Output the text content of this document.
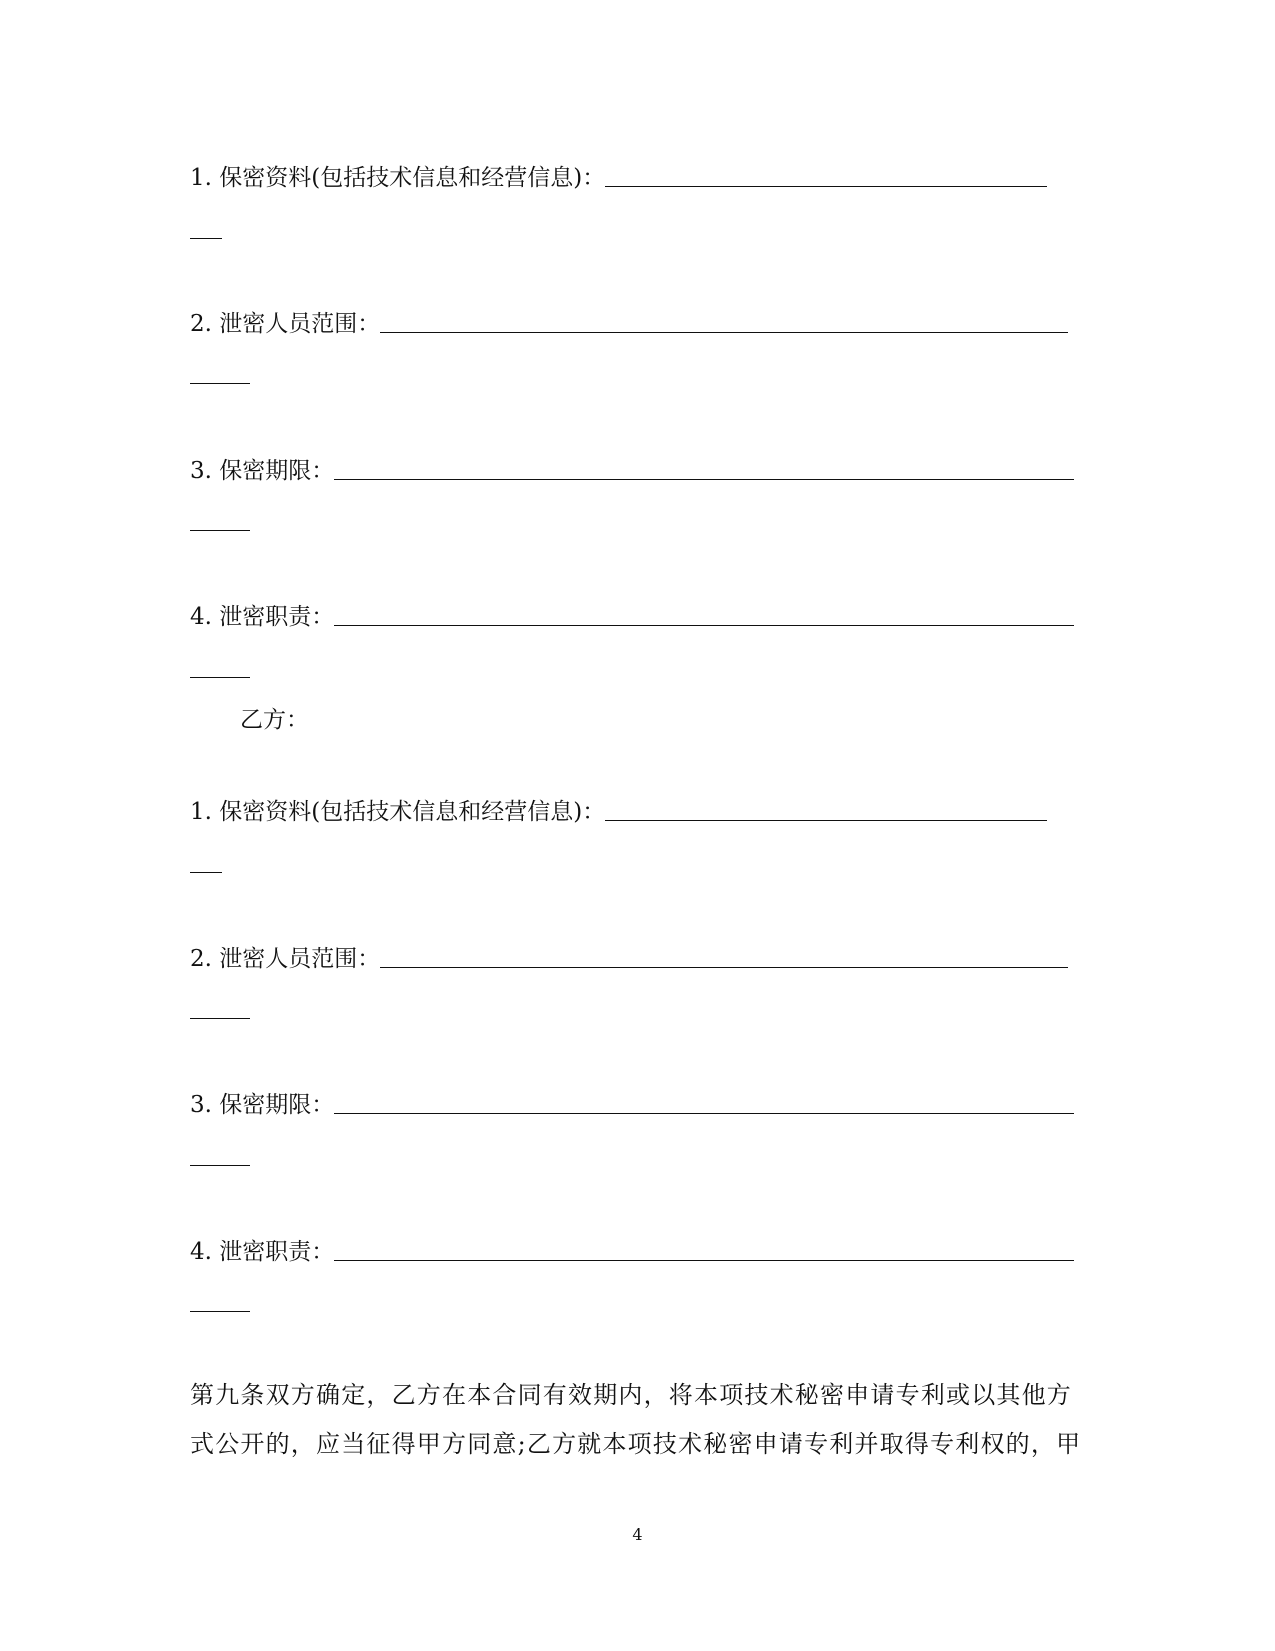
1. 保密资料(包括技术信息和经营信息)：
2. 泄密人员范围：
3. 保密期限：
4. 泄密职责：
乙方：
1. 保密资料(包括技术信息和经营信息)：
2. 泄密人员范围：
3. 保密期限：
4. 泄密职责：
第九条双方确定，乙方在本合同有效期内，将本项技术秘密申请专利或以其他方
式公开的，应当征得甲方同意;乙方就本项技术秘密申请专利并取得专利权的，甲
4
